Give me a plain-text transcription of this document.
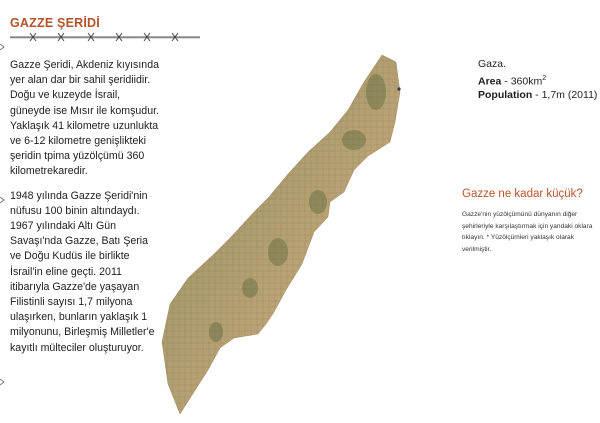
GAZZE ŞERİDİ

Gazze Şeridi, Akdeniz kıyısında yer alan dar bir sahil şeridiidir. Doğu ve kuzeyde İsrail, güneyde ise Mısır ile komşudur. Yaklaşık 41 kilometre uzunlukta ve 6-12 kilometre genişlikteki şeridin tpima yüzölçümü 360 kilometrekaredir.

1948 yılında Gazze Şeridi'nin nüfusu 100 binin altındaydı. 1967 yılındaki Altı Gün Savaşı'nda Gazze, Batı Şeria ve Doğu Kudüs ile birlikte İsrail'in eline geçti. 2011 itibarıyla Gazze'de yaşayan Filistinli sayısı 1,7 milyona ulaşırken, bunların yaklaşık 1 milyonunu, Birleşmiş Milletler'e kayıtlı mülteciler oluşturuyor.

Gaza.
Area - $360km^2$
Population - 1,7m (2011)
Gazze ne kadar küçük?

Gazze'nin yüzölçümünü dünyanın diğer şehirleriyle karşılaştırmak için yandaki oklara tıklayın. * Yüzölçümleri yaklaşık olarak verilmiştir.
